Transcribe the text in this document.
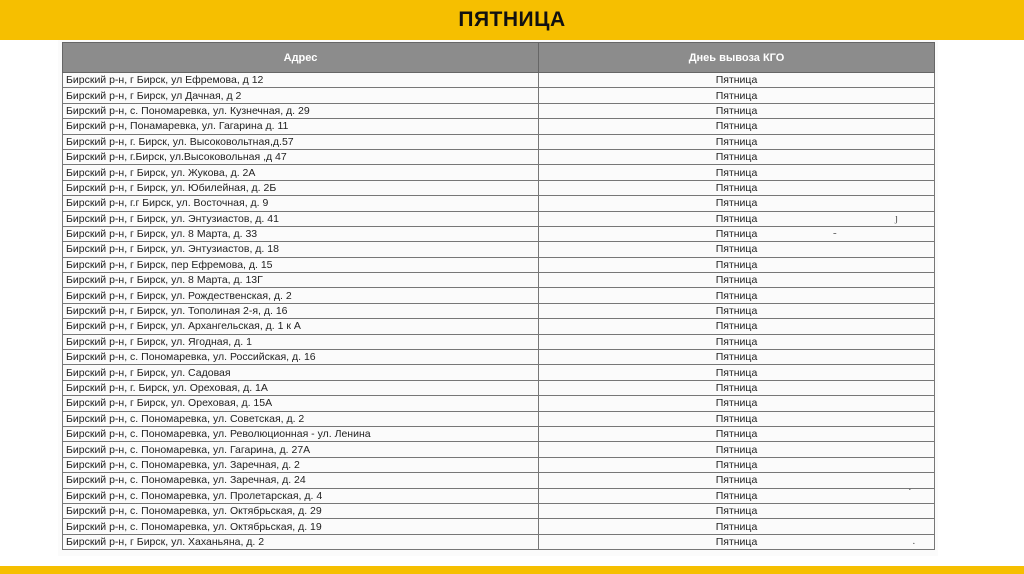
ПЯТНИЦА
Адрес	Днеь вывоза КГО
Бирский р-н, г Бирск, ул Ефремова, д 12	Пятница
Бирский р-н, г Бирск, ул Дачная, д 2	Пятница
Бирский р-н, с. Пономаревка, ул. Кузнечная, д. 29	Пятница
Бирский р-н, Понамаревка, ул. Гагарина д. 11	Пятница
Бирский р-н, г. Бирск, ул. Высоковольтная,д.57	Пятница
Бирский р-н, г.Бирск, ул.Высоковольная ,д 47	Пятница
Бирский р-н, г Бирск, ул. Жукова, д. 2А	Пятница
Бирский р-н, г Бирск, ул. Юбилейная, д. 2Б	Пятница
Бирский р-н, г.г Бирск, ул. Восточная, д. 9	Пятница
Бирский р-н, г Бирск, ул. Энтузиастов, д. 41	Пятница
Бирский р-н, г Бирск, ул. 8 Марта, д. 33	Пятница
Бирский р-н, г Бирск, ул. Энтузиастов, д. 18	Пятница
Бирский р-н, г Бирск, пер Ефремова, д. 15	Пятница
Бирский р-н, г Бирск, ул. 8 Марта, д. 13Г	Пятница
Бирский р-н, г Бирск, ул. Рождественская, д. 2	Пятница
Бирский р-н, г Бирск, ул. Тополиная 2-я, д. 16	Пятница
Бирский р-н, г Бирск, ул. Архангельская, д. 1 к А	Пятница
Бирский р-н, г Бирск, ул. Ягодная, д. 1	Пятница
Бирский р-н, с. Пономаревка, ул. Российская, д. 16	Пятница
Бирский р-н, г Бирск, ул. Садовая	Пятница
Бирский р-н, г. Бирск, ул. Ореховая, д. 1А	Пятница
Бирский р-н, г Бирск, ул. Ореховая, д. 15А	Пятница
Бирский р-н, с. Пономаревка, ул. Советская, д. 2	Пятница
Бирский р-н, с. Пономаревка, ул. Революционная - ул. Ленина	Пятница
Бирский р-н, с. Пономаревка, ул. Гагарина, д. 27А	Пятница
Бирский р-н, с. Пономаревка, ул. Заречная, д. 2	Пятница
Бирский р-н, с. Пономаревка, ул. Заречная, д. 24	Пятница
Бирский р-н, с. Пономаревка, ул. Пролетарская, д. 4	Пятница
Бирский р-н, с. Пономаревка, ул. Октябрьская, д. 29	Пятница
Бирский р-н, с. Пономаревка, ул. Октябрьская, д. 19	Пятница
Бирский р-н, г Бирск, ул. Хаханьяна, д. 2	Пятница
ȷ
-
·
·
